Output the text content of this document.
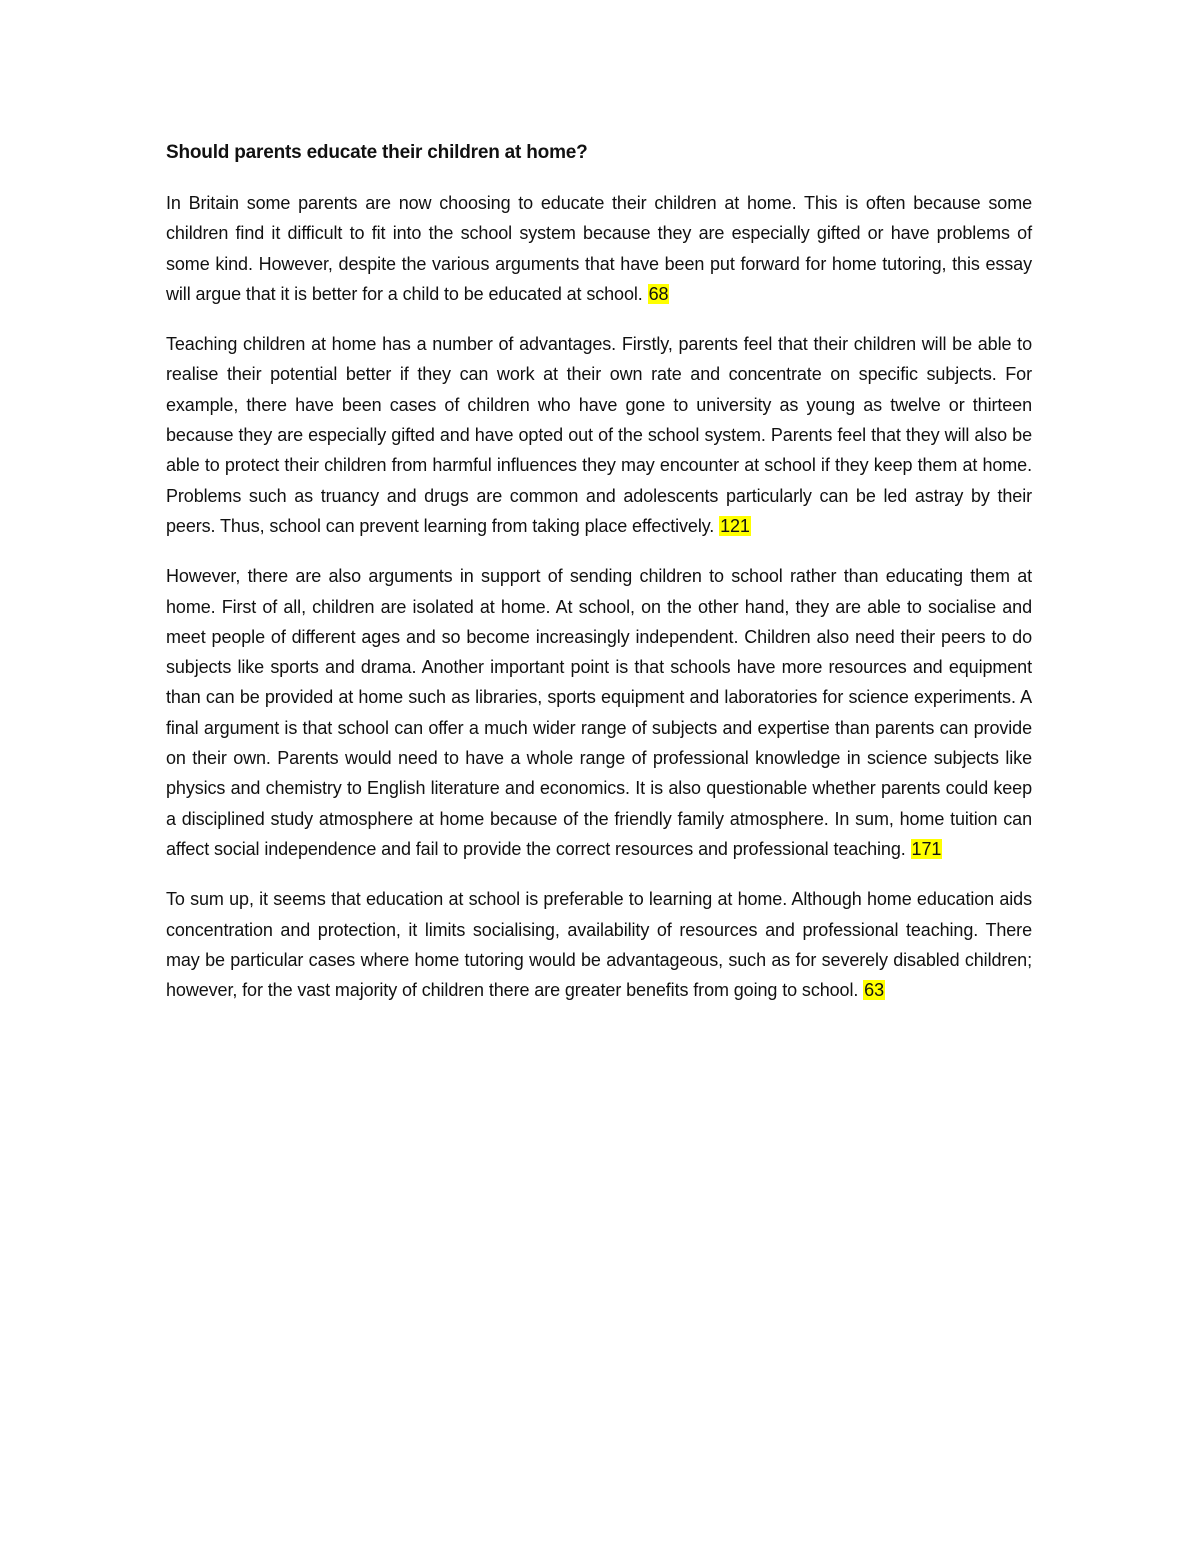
Should parents educate their children at home?

In Britain some parents are now choosing to educate their children at home. This is often because some children find it difficult to fit into the school system because they are especially gifted or have problems of some kind. However, despite the various arguments that have been put forward for home tutoring, this essay will argue that it is better for a child to be educated at school. 68

Teaching children at home has a number of advantages. Firstly, parents feel that their children will be able to realise their potential better if they can work at their own rate and concentrate on specific subjects. For example, there have been cases of children who have gone to university as young as twelve or thirteen because they are especially gifted and have opted out of the school system. Parents feel that they will also be able to protect their children from harmful influences they may encounter at school if they keep them at home. Problems such as truancy and drugs are common and adolescents particularly can be led astray by their peers. Thus, school can prevent learning from taking place effectively. 121

However, there are also arguments in support of sending children to school rather than educating them at home. First of all, children are isolated at home. At school, on the other hand, they are able to socialise and meet people of different ages and so become increasingly independent. Children also need their peers to do subjects like sports and drama. Another important point is that schools have more resources and equipment than can be provided at home such as libraries, sports equipment and laboratories for science experiments. A final argument is that school can offer a much wider range of subjects and expertise than parents can provide on their own. Parents would need to have a whole range of professional knowledge in science subjects like physics and chemistry to English literature and economics. It is also questionable whether parents could keep a disciplined study atmosphere at home because of the friendly family atmosphere. In sum, home tuition can affect social independence and fail to provide the correct resources and professional teaching. 171

To sum up, it seems that education at school is preferable to learning at home. Although home education aids concentration and protection, it limits socialising, availability of resources and professional teaching. There may be particular cases where home tutoring would be advantageous, such as for severely disabled children; however, for the vast majority of children there are greater benefits from going to school. 63
